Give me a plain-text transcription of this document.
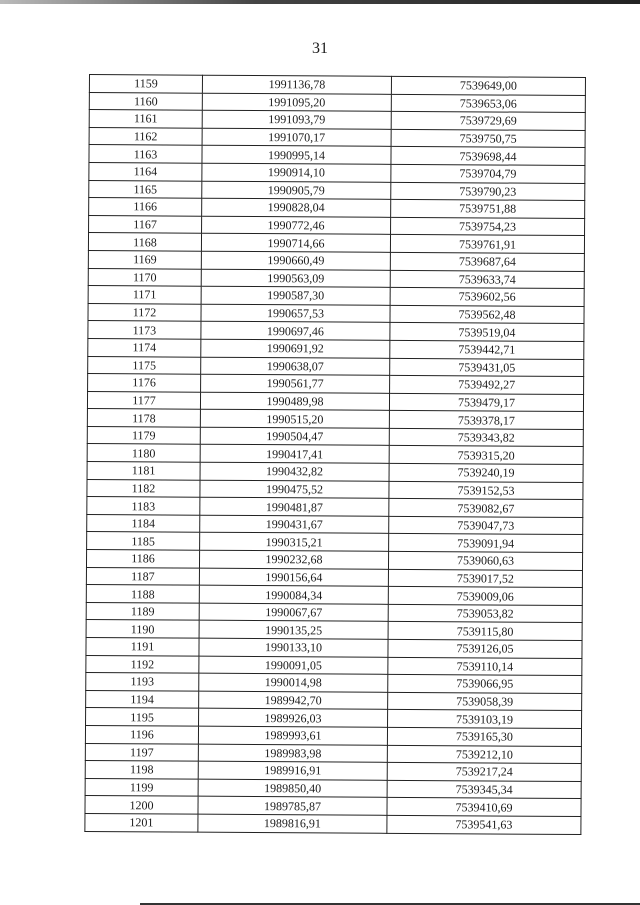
31
1159	1991136,78	7539649,00
1160	1991095,20	7539653,06
1161	1991093,79	7539729,69
1162	1991070,17	7539750,75
1163	1990995,14	7539698,44
1164	1990914,10	7539704,79
1165	1990905,79	7539790,23
1166	1990828,04	7539751,88
1167	1990772,46	7539754,23
1168	1990714,66	7539761,91
1169	1990660,49	7539687,64
1170	1990563,09	7539633,74
1171	1990587,30	7539602,56
1172	1990657,53	7539562,48
1173	1990697,46	7539519,04
1174	1990691,92	7539442,71
1175	1990638,07	7539431,05
1176	1990561,77	7539492,27
1177	1990489,98	7539479,17
1178	1990515,20	7539378,17
1179	1990504,47	7539343,82
1180	1990417,41	7539315,20
1181	1990432,82	7539240,19
1182	1990475,52	7539152,53
1183	1990481,87	7539082,67
1184	1990431,67	7539047,73
1185	1990315,21	7539091,94
1186	1990232,68	7539060,63
1187	1990156,64	7539017,52
1188	1990084,34	7539009,06
1189	1990067,67	7539053,82
1190	1990135,25	7539115,80
1191	1990133,10	7539126,05
1192	1990091,05	7539110,14
1193	1990014,98	7539066,95
1194	1989942,70	7539058,39
1195	1989926,03	7539103,19
1196	1989993,61	7539165,30
1197	1989983,98	7539212,10
1198	1989916,91	7539217,24
1199	1989850,40	7539345,34
1200	1989785,87	7539410,69
1201	1989816,91	7539541,63
